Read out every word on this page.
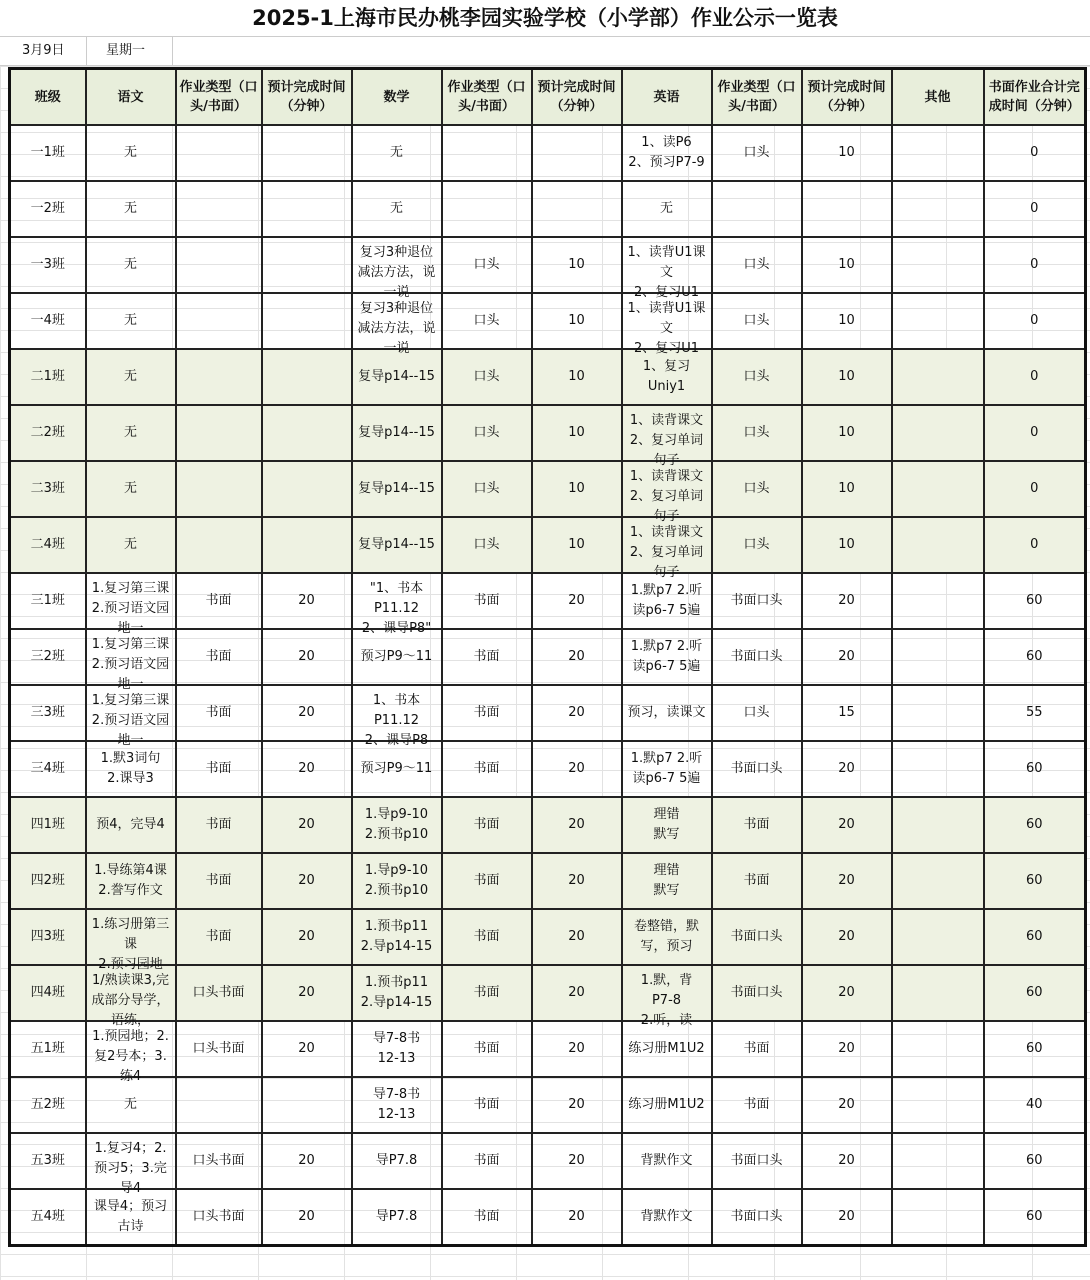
2025-1上海市民办桃李园实验学校（小学部）作业公示一览表
3月9日	星期一
班级	语文	作业类型（口头/书面）	预计完成时间（分钟）	数学	作业类型（口头/书面）	预计完成时间（分钟）	英语	作业类型（口头/书面）	预计完成时间（分钟）	其他	书面作业合计完成时间（分钟）

一1班	无			无			1、读P6
2、预习P7-9	口头	10		0

一2班	无			无			无				0

一3班	无			复习3种退位减法方法，说一说	口头	10	1、读背U1课文
2、复习U1	口头	10		0

一4班	无			复习3种退位减法方法，说一说	口头	10	1、读背U1课文
2、复习U1	口头	10		0

二1班	无			复导p14--15	口头	10	1、复习
Uniy1	口头	10		0

二2班	无			复导p14--15	口头	10	1、读背课文
2、复习单词句子	口头	10		0

二3班	无			复导p14--15	口头	10	1、读背课文
2、复习单词句子	口头	10		0

二4班	无			复导p14--15	口头	10	1、读背课文
2、复习单词句子	口头	10		0

三1班	1.复习第三课2.预习语文园地一	书面	20	"1、书本
P11.12
2、课导P8"	书面	20	1.默p7 2.听读p6-7 5遍	书面口头	20		60

三2班	1.复习第三课2.预习语文园地一	书面	20	预习P9～11	书面	20	1.默p7 2.听读p6-7 5遍	书面口头	20		60

三3班	1.复习第三课2.预习语文园地一	书面	20	1、书本
P11.12
2、课导P8	书面	20	预习，读课文	口头	15		55

三4班	1.默3词句
2.课导3	书面	20	预习P9～11	书面	20	1.默p7 2.听读p6-7 5遍	书面口头	20		60

四1班	预4，完导4	书面	20	1.导p9-10
2.预书p10	书面	20	理错
默写	书面	20		60

四2班	1.导练第4课
2.誊写作文	书面	20	1.导p9-10
2.预书p10	书面	20	理错
默写	书面	20		60

四3班	1.练习册第三课
2.预习园地	书面	20	1.预书p11
2.导p14-15	书面	20	卷整错，默写，预习	书面口头	20		60

四4班	1/熟读课3,完成部分导学，语练，	口头书面	20	1.预书p11
2.导p14-15	书面	20	1.默，背
P7-8
2.听，读	书面口头	20		60

五1班	1.预园地；2.复2号本；3.练4	口头书面	20	导7-8书
12-13	书面	20	练习册M1U2	书面	20		60

五2班	无			导7-8书
12-13	书面	20	练习册M1U2	书面	20		40

五3班	1.复习4；2.预习5；3.完导4	口头书面	20	导P7.8	书面	20	背默作文	书面口头	20		60

五4班	课导4；预习古诗	口头书面	20	导P7.8	书面	20	背默作文	书面口头	20		60
